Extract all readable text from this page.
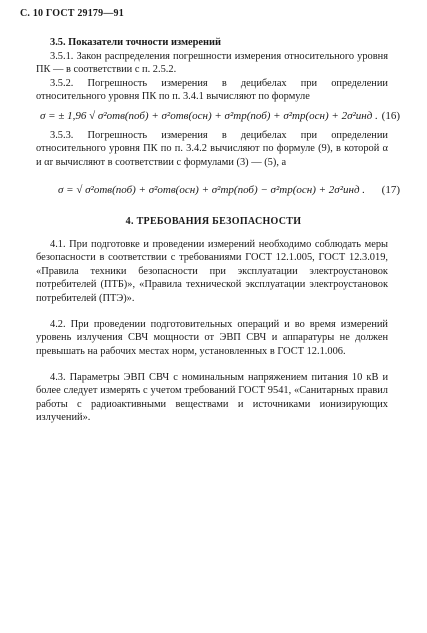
С. 10 ГОСТ 29179—91
3.5. Показатели точности измерений
3.5.1. Закон распределения погрешности измерения относительного уровня ПК — в соответствии с п. 2.5.2.
3.5.2. Погрешность измерения в децибелах при определении относительного уровня ПК по п. 3.4.1 вычисляют по формуле
σ = ± 1,96 √ σ²отв(поб) + σ²отв(осн) + σ²тр(поб) + σ²тр(осн) + 2σ²инд . (16)
3.5.3. Погрешность измерения в децибелах при определении относительного уровня ПК по п. 3.4.2 вычисляют по формуле (9), в которой α и αr вычисляют в соответствии с формулами (3) — (5), а
σ = √ σ²отв(поб) + σ²отв(осн) + σ²тр(поб) − σ²тр(осн) + 2σ²инд . (17)
4. ТРЕБОВАНИЯ БЕЗОПАСНОСТИ
4.1. При подготовке и проведении измерений необходимо соблюдать меры безопасности в соответствии с требованиями ГОСТ 12.1.005, ГОСТ 12.3.019, «Правила техники безопасности при эксплуатации электроустановок потребителей (ПТБ)», «Правила технической эксплуатации электроустановок потребителей (ПТЭ)».
4.2. При проведении подготовительных операций и во время измерений уровень излучения СВЧ мощности от ЭВП СВЧ и аппаратуры не должен превышать на рабочих местах норм, установленных в ГОСТ 12.1.006.
4.3. Параметры ЭВП СВЧ с номинальным напряжением питания 10 кВ и более следует измерять с учетом требований ГОСТ 9541, «Санитарных правил работы с радиоактивными веществами и источниками ионизирующих излучений».
